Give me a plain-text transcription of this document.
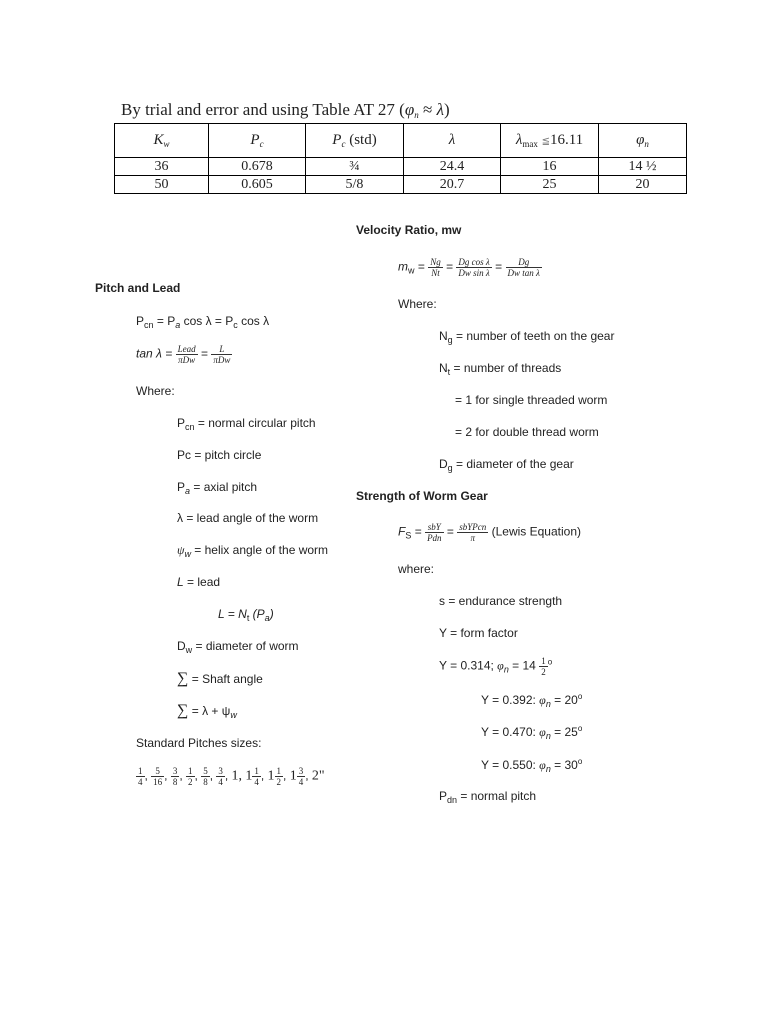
By trial and error and using Table AT 27 $(\varphi_n \approx \lambda)$
$K_w$	$P_c$	$P_c$ (std)	λ	$\lambda_{max}$ ≦16.11	$\varphi_n$
36	0.678	¾	24.4	16	14 ½
50	0.605	5/8	20.7	25	20
Velocity Ratio, mw
$m_w = \frac{Ng}{Nt} = \frac{\text{Dg cos λ}}{\text{Dw sin λ}} = \frac{Dg}{\text{Dw tan λ}}$
Where:
$N_g$ = number of teeth on the gear
$N_t$ = number of threads
= 1 for single threaded worm
= 2 for double thread worm
$D_g$ = diameter of the gear
Pitch and Lead
$P_{cn} = P_a$ $\cos \lambda = P_c$ cos λ
$\tan \lambda = \frac{\text{Lead}}{\text{πDw}} = \frac{L}{\text{πDw}}$
Where:
$P_{cn}$ = normal circular pitch
Pc = pitch circle
$P_a$ = axial pitch
λ = lead angle of the worm
$\psi_w$ = helix angle of the worm
L = lead
$L = N_t$ $(P_a)$
$D_w$ = diameter of worm
∑ = Shaft angle
∑ = $\lambda + \psi_w$
Standard Pitches sizes:
$\frac{1}{4}$ , $\frac{5}{16}$ , $\frac{3}{8}$ , $\frac{1}{2}$ , $\frac{5}{8}$ , $\frac{3}{4}$ , 1, $1 \frac{1}{4}$ , $1 \frac{1}{2}$ , $1 \frac{3}{4}$ , 2"
Strength of Worm Gear
$F_S = \frac{\text{sbY}}{\text{Pdn}} = \frac{\text{sbYPcn}}{\pi}$ (Lewis Equation)
where:
s = endurance strength
Y = form factor
Y = 0.314; $\varphi_n = 14 \frac{1}{2} ^o$
Y = 0.392: $\varphi_n = 20^o$
Y = 0.470: $\varphi_n = 25^o$
Y = 0.550: $\varphi_n = 30^o$
$P_{dn}$ = normal pitch
